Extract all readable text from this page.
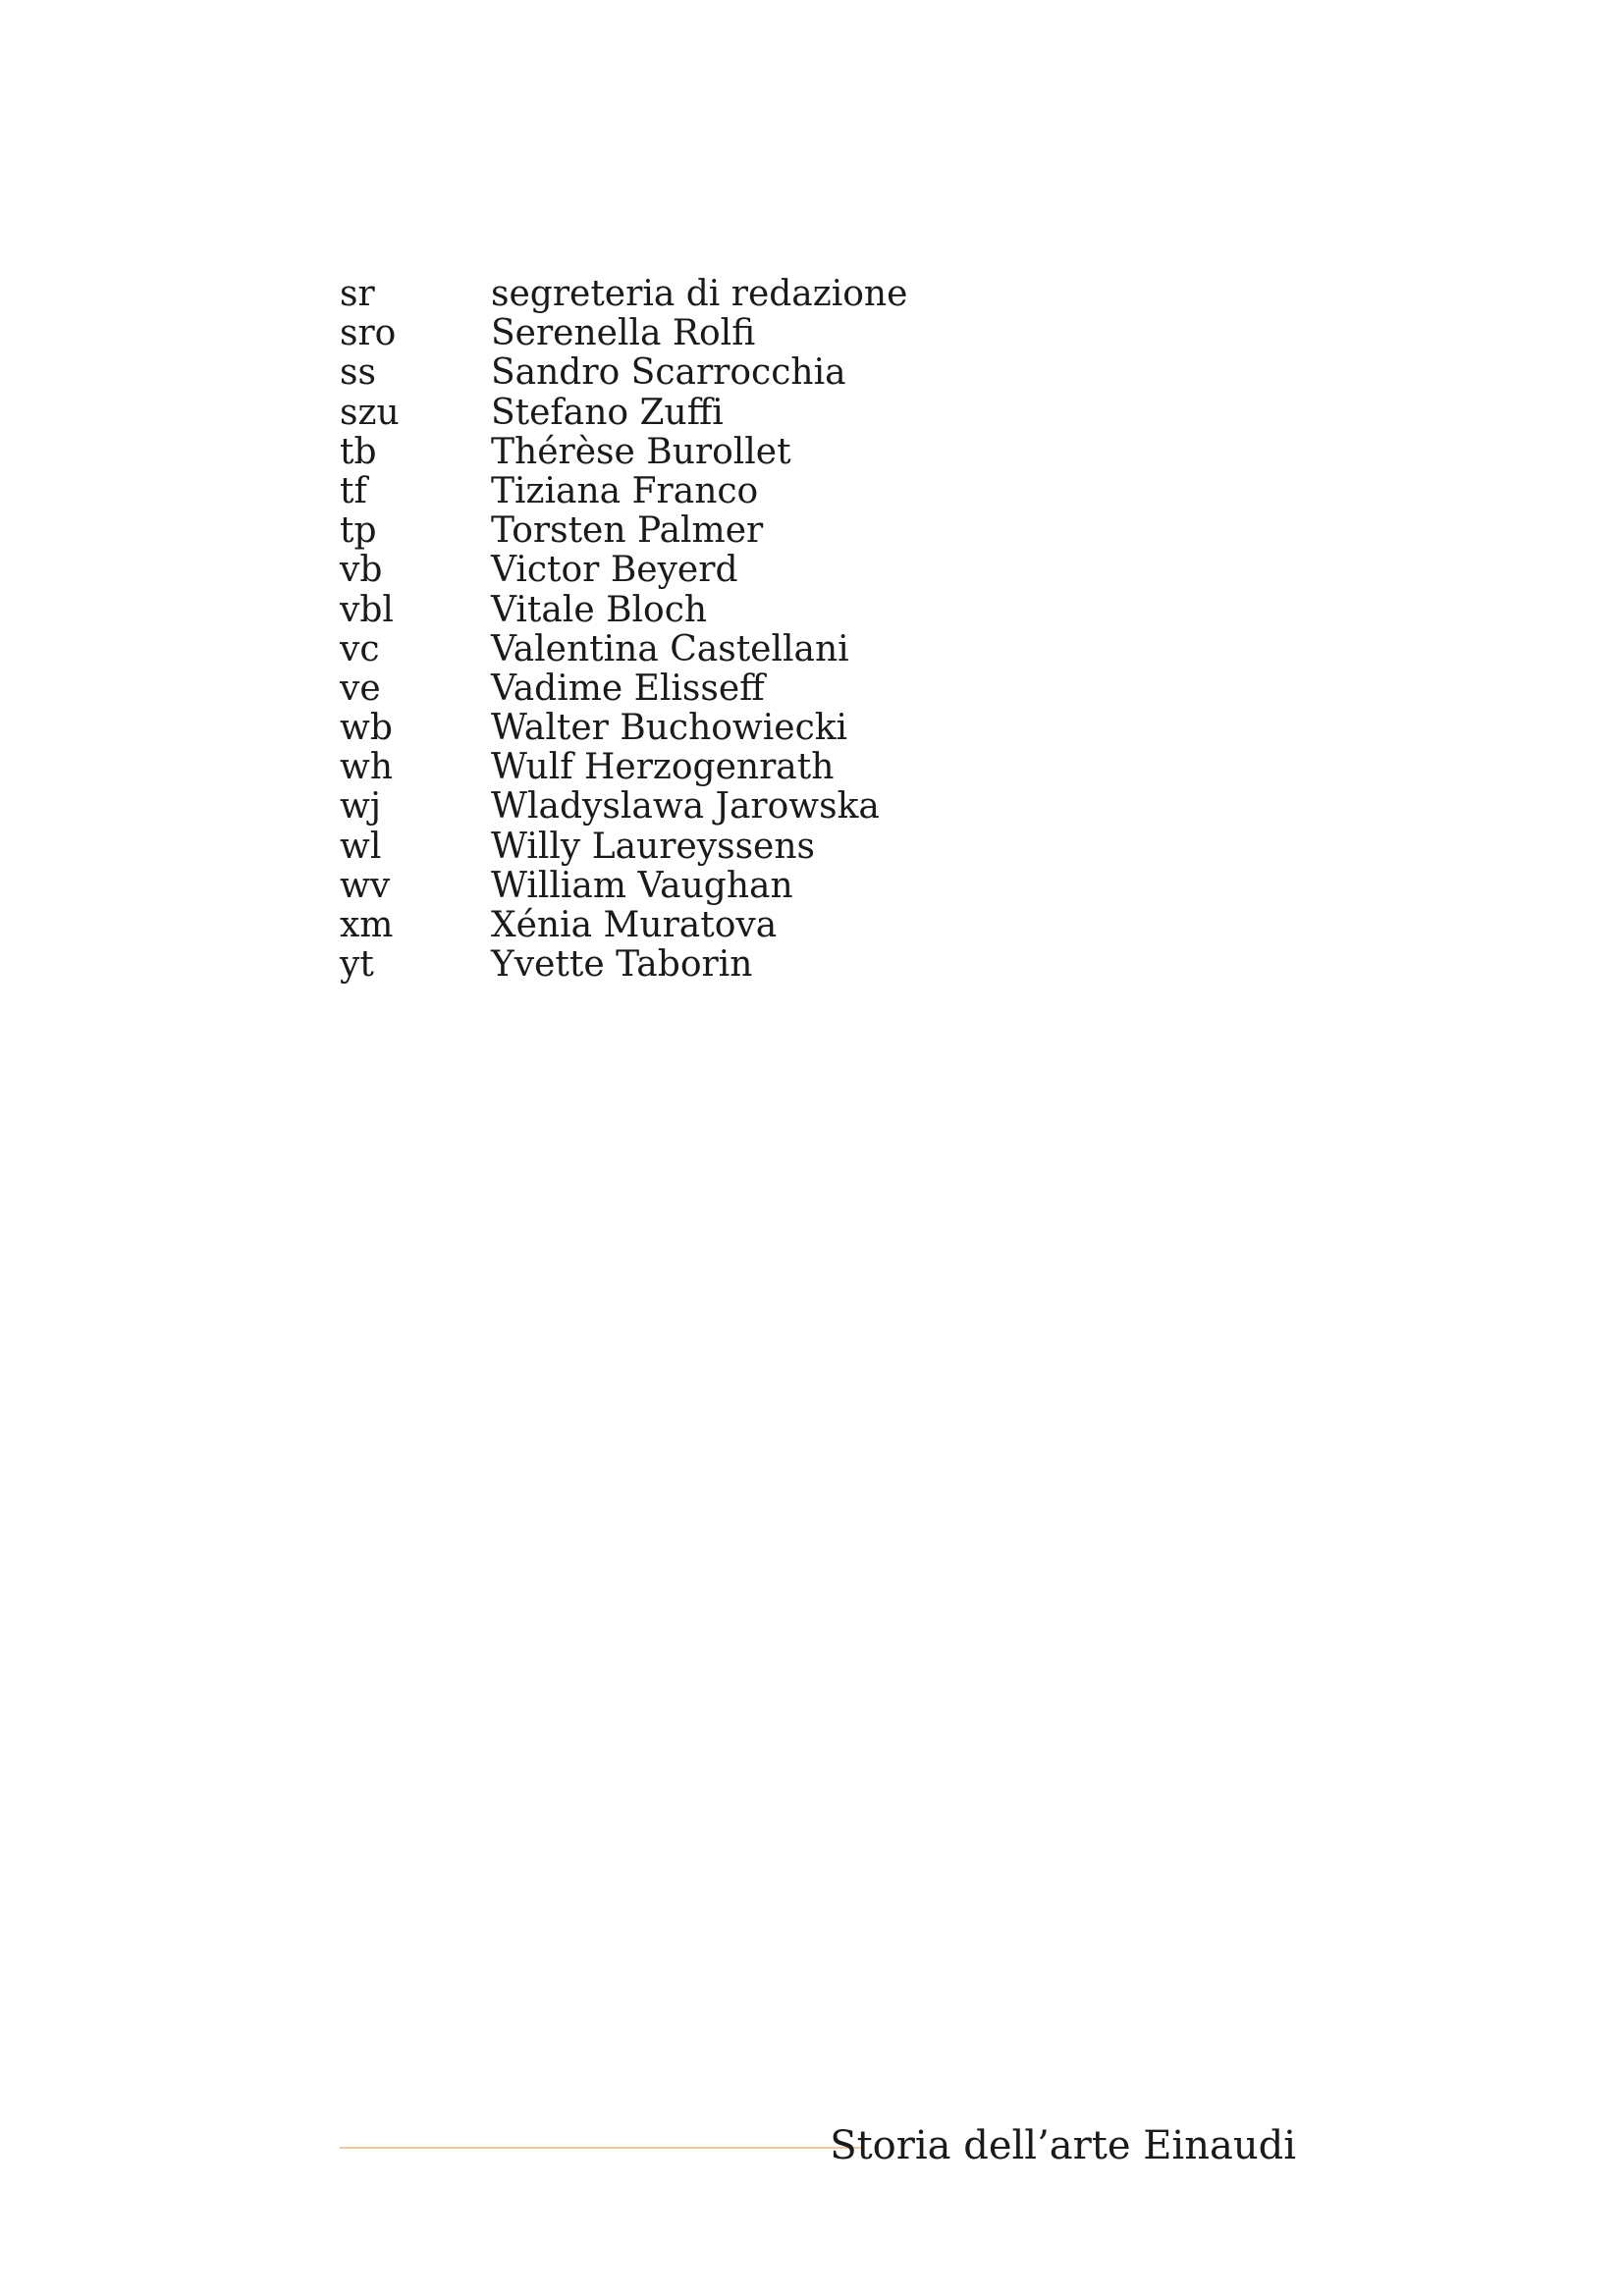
sr	segreteria di redazione
sro	Serenella Rolfi
ss	Sandro Scarrocchia
szu	Stefano Zuffi
tb	Thérèse Burollet
tf	Tiziana Franco
tp	Torsten Palmer
vb	Victor Beyerd
vbl	Vitale Bloch
vc	Valentina Castellani
ve	Vadime Elisseff
wb	Walter Buchowiecki
wh	Wulf Herzogenrath
wj	Wladyslawa Jarowska
wl	Willy Laureyssens
wv	William Vaughan
xm	Xénia Muratova
yt	Yvette Taborin
Storia dell’arte Einaudi
